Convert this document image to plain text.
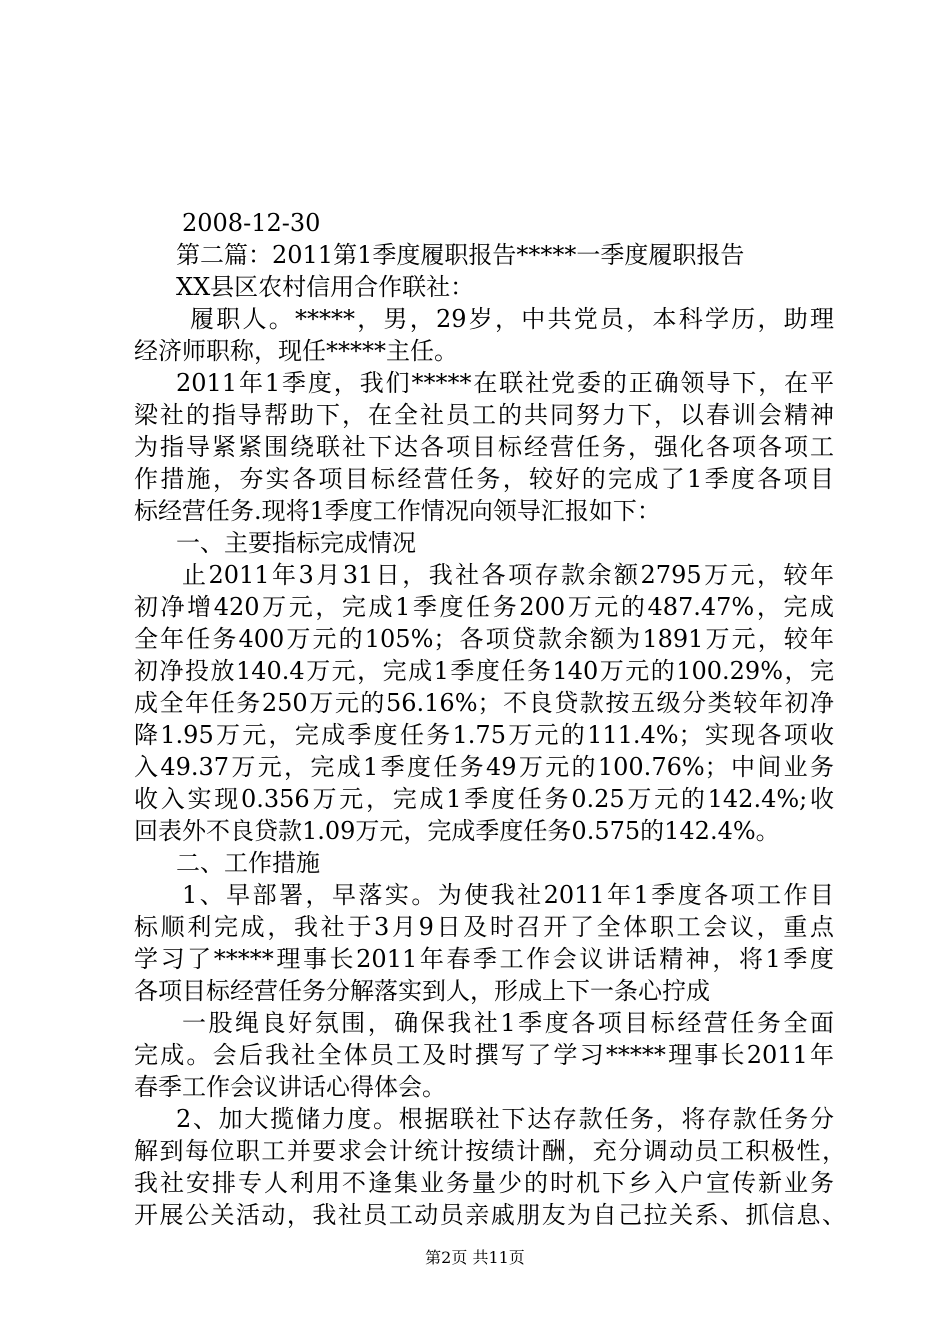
2008-12-30
第二篇：2011第1季度履职报告*****一季度履职报告
XX县区农村信用合作联社：
履职人。*****，男，29岁，中共党员，本科学历，助理
经济师职称，现任*****主任。
2011年1季度，我们*****在联社党委的正确领导下，在平
梁社的指导帮助下，在全社员工的共同努力下，以春训会精神
为指导紧紧围绕联社下达各项目标经营任务，强化各项各项工
作措施，夯实各项目标经营任务，较好的完成了1季度各项目
标经营任务.现将1季度工作情况向领导汇报如下：
一、主要指标完成情况
止2011年3月31日，我社各项存款余额2795万元，较年
初净增420万元，完成1季度任务200万元的487.47%，完成
全年任务400万元的105%；各项贷款余额为1891万元，较年
初净投放140.4万元，完成1季度任务140万元的100.29%，完
成全年任务250万元的56.16%；不良贷款按五级分类较年初净
降1.95万元，完成季度任务1.75万元的111.4%；实现各项收
入49.37万元，完成1季度任务49万元的100.76%；中间业务
收入实现0.356万元，完成1季度任务0.25万元的142.4%;收
回表外不良贷款1.09万元，完成季度任务0.575的142.4%。
二、工作措施
1、早部署，早落实。为使我社2011年1季度各项工作目
标顺利完成，我社于3月9日及时召开了全体职工会议，重点
学习了*****理事长2011年春季工作会议讲话精神，将1季度
各项目标经营任务分解落实到人，形成上下一条心拧成
一股绳良好氛围，确保我社1季度各项目标经营任务全面
完成。会后我社全体员工及时撰写了学习*****理事长2011年
春季工作会议讲话心得体会。
2、加大揽储力度。根据联社下达存款任务，将存款任务分
解到每位职工并要求会计统计按绩计酬，充分调动员工积极性，
我社安排专人利用不逢集业务量少的时机下乡入户宣传新业务
开展公关活动，我社员工动员亲戚朋友为自己拉关系、抓信息、
第2页 共11页
